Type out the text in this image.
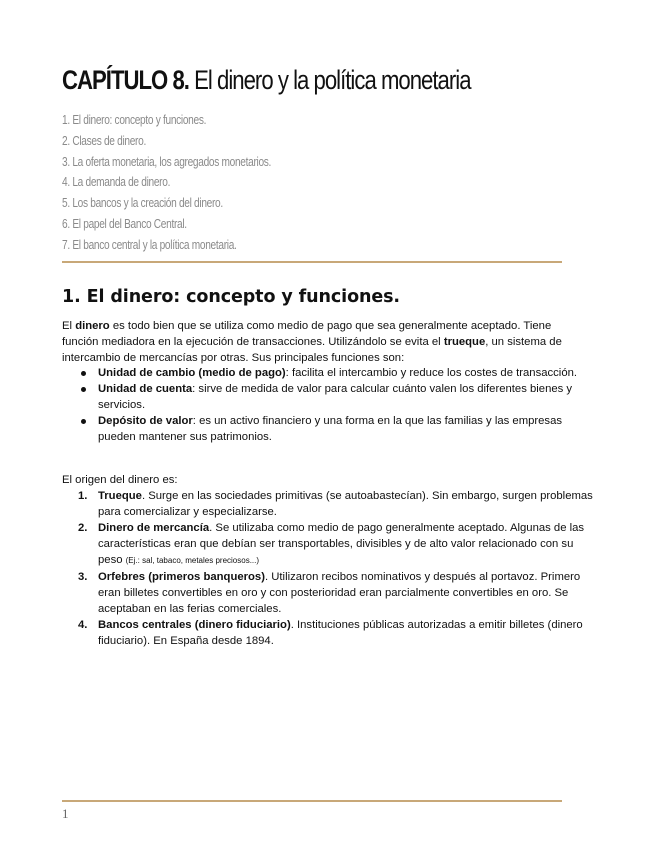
CAPÍTULO 8. El dinero y la política monetaria
1. El dinero: concepto y funciones.
2. Clases de dinero.
3. La oferta monetaria, los agregados monetarios.
4. La demanda de dinero.
5. Los bancos y la creación del dinero.
6. El papel del Banco Central.
7. El banco central y la política monetaria.
1. El dinero: concepto y funciones.

El dinero es todo bien que se utiliza como medio de pago que sea generalmente aceptado. Tiene función mediadora en la ejecución de transacciones. Utilizándolo se evita el trueque, un sistema de intercambio de mercancías por otras. Sus principales funciones son:

Unidad de cambio (medio de pago): facilita el intercambio y reduce los costes de transacción.
Unidad de cuenta: sirve de medida de valor para calcular cuánto valen los diferentes bienes y servicios.
Depósito de valor: es un activo financiero y una forma en la que las familias y las empresas pueden mantener sus patrimonios.

El origen del dinero es:

1. Trueque. Surge en las sociedades primitivas (se autoabastecían). Sin embargo, surgen problemas para comercializar y especializarse.
2. Dinero de mercancía. Se utilizaba como medio de pago generalmente aceptado. Algunas de las características eran que debían ser transportables, divisibles y de alto valor relacionado con su peso (Ej.: sal, tabaco, metales preciosos...)
3. Orfebres (primeros banqueros). Utilizaron recibos nominativos y después al portavoz. Primero eran billetes convertibles en oro y con posterioridad eran parcialmente convertibles en oro. Se aceptaban en las ferias comerciales.
4. Bancos centrales (dinero fiduciario). Instituciones públicas autorizadas a emitir billetes (dinero fiduciario). En España desde 1894.
1
